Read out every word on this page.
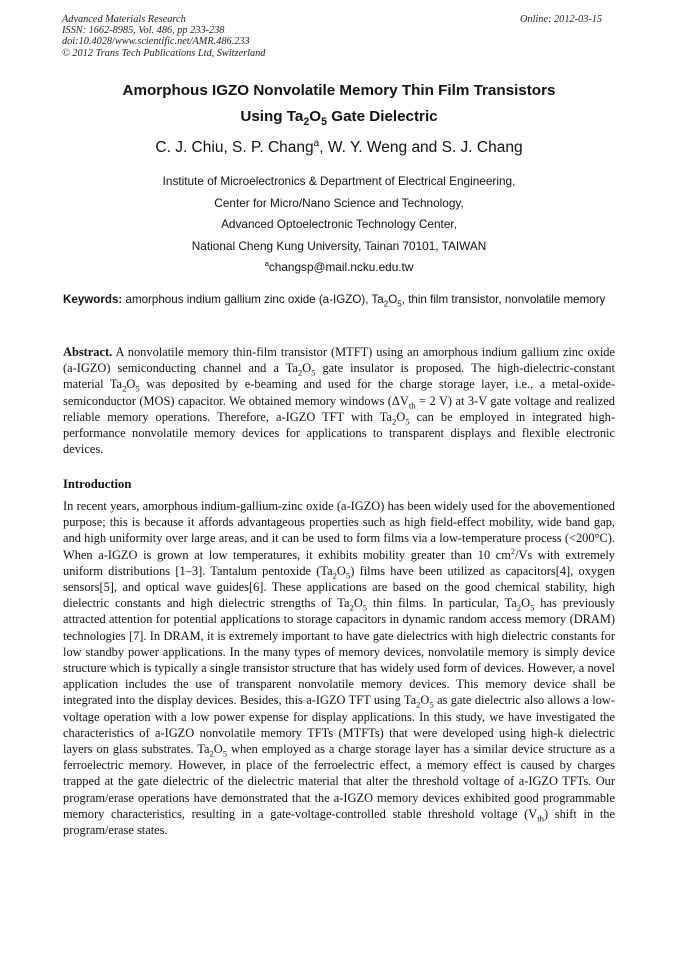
Advanced Materials Research
ISSN: 1662-8985, Vol. 486, pp 233-238
doi:10.4028/www.scientific.net/AMR.486.233
© 2012 Trans Tech Publications Ltd, Switzerland
Online: 2012-03-15
Amorphous IGZO Nonvolatile Memory Thin Film Transistors
Using $Ta_2O_5$ Gate Dielectric
C. J. Chiu, S. P. Chang$^a$, W. Y. Weng and S. J. Chang
Institute of Microelectronics & Department of Electrical Engineering,
Center for Micro/Nano Science and Technology,
Advanced Optoelectronic Technology Center,
National Cheng Kung University, Tainan 70101, TAIWAN
$^a$changsp@mail.ncku.edu.tw
Keywords: amorphous indium gallium zinc oxide (a-IGZO), $Ta_2O_5$, thin film transistor, nonvolatile memory
Abstract. A nonvolatile memory thin-film transistor (MTFT) using an amorphous indium gallium zinc oxide (a-IGZO) semiconducting channel and a $Ta_2O_5$ gate insulator is proposed. The high-dielectric-constant material $Ta_2O_5$ was deposited by e-beaming and used for the charge storage layer, i.e., a metal-oxide-semiconductor (MOS) capacitor. We obtained memory windows ($\Delta V_{th} = 2$ V) at 3-V gate voltage and realized reliable memory operations. Therefore, a-IGZO TFT with $Ta_2O_5$ can be employed in integrated high-performance nonvolatile memory devices for applications to transparent displays and flexible electronic devices.
Introduction
In recent years, amorphous indium-gallium-zinc oxide (a-IGZO) has been widely used for the abovementioned purpose; this is because it affords advantageous properties such as high field-effect mobility, wide band gap, and high uniformity over large areas, and it can be used to form films via a low-temperature process (<200°C). When a-IGZO is grown at low temperatures, it exhibits mobility greater than 10 $cm^2/Vs$ with extremely uniform distributions [1–3]. Tantalum pentoxide $(Ta_2O_5)$ films have been utilized as capacitors[4], oxygen sensors[5], and optical wave guides[6]. These applications are based on the good chemical stability, high dielectric constants and high dielectric strengths of $Ta_2O_5$ thin films. In particular, $Ta_2O_5$ has previously attracted attention for potential applications to storage capacitors in dynamic random access memory (DRAM) technologies [7]. In DRAM, it is extremely important to have gate dielectrics with high dielectric constants for low standby power applications. In the many types of memory devices, nonvolatile memory is simply device structure which is typically a single transistor structure that has widely used form of devices. However, a novel application includes the use of transparent nonvolatile memory devices. This memory device shall be integrated into the display devices. Besides, this a-IGZO TFT using $Ta_2O_5$ as gate dielectric also allows a low-voltage operation with a low power expense for display applications. In this study, we have investigated the characteristics of a-IGZO nonvolatile memory TFTs (MTFTs) that were developed using high-k dielectric layers on glass substrates. $Ta_2O_5$ when employed as a charge storage layer has a similar device structure as a ferroelectric memory. However, in place of the ferroelectric effect, a memory effect is caused by charges trapped at the gate dielectric of the dielectric material that alter the threshold voltage of a-IGZO TFTs. Our program/erase operations have demonstrated that the a-IGZO memory devices exhibited good programmable memory characteristics, resulting in a gate-voltage-controlled stable threshold voltage $(V_{th})$ shift in the program/erase states.
